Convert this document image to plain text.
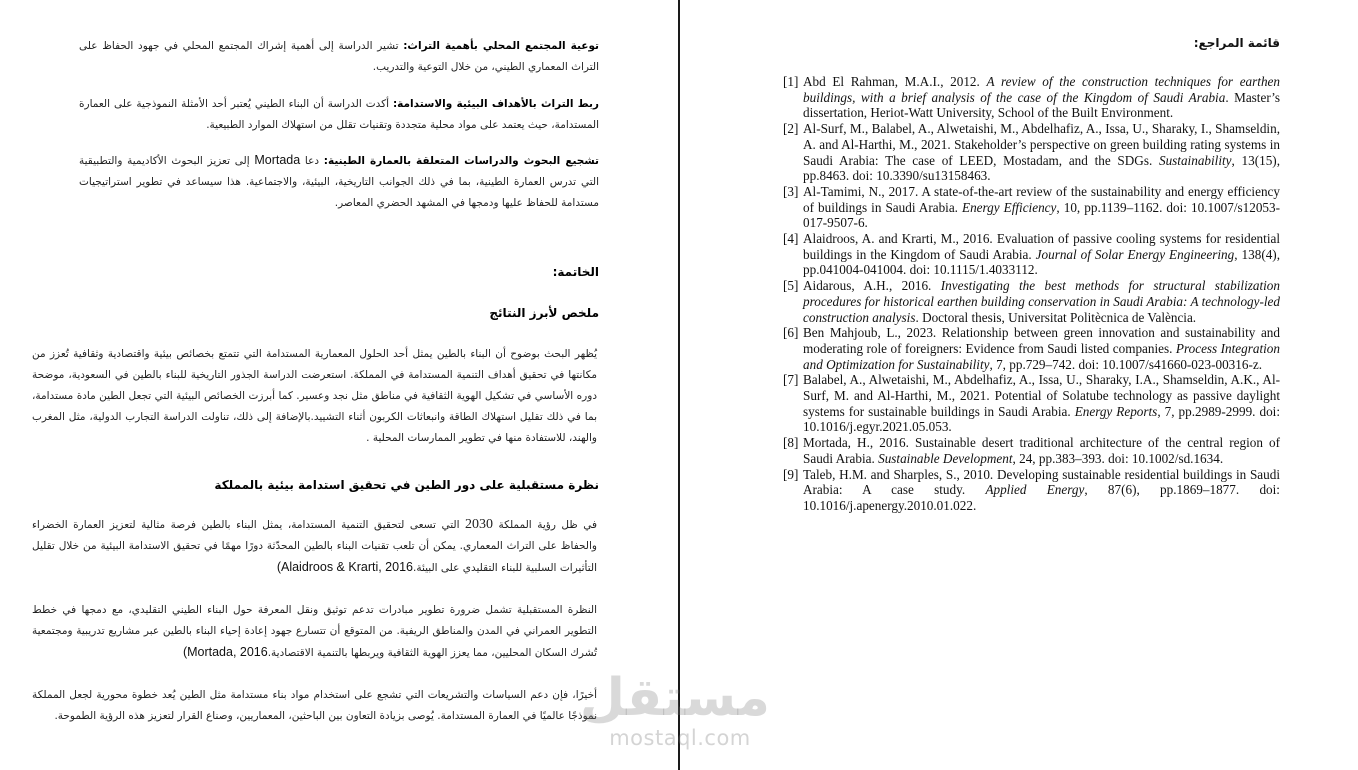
توعية المجتمع المحلي بأهمية التراث: تشير الدراسة إلى أهمية إشراك المجتمع المحلي في جهود الحفاظ على التراث المعماري الطيني، من خلال التوعية والتدريب.
ربط التراث بالأهداف البيئية والاستدامة: أكدت الدراسة أن البناء الطيني يُعتبر أحد الأمثلة النموذجية على العمارة المستدامة، حيث يعتمد على مواد محلية متجددة وتقنيات تقلل من استهلاك الموارد الطبيعية.
تشجيع البحوث والدراسات المتعلقة بالعمارة الطينية: دعا Mortada إلى تعزيز البحوث الأكاديمية والتطبيقية التي تدرس العمارة الطينية، بما في ذلك الجوانب التاريخية، البيئية، والاجتماعية. هذا سيساعد في تطوير استراتيجيات مستدامة للحفاظ عليها ودمجها في المشهد الحضري المعاصر.
الخاتمة:
ملخص لأبرز النتائج
يُظهر البحث بوضوح أن البناء بالطين يمثل أحد الحلول المعمارية المستدامة التي تتمتع بخصائص بيئية واقتصادية وثقافية تُعزز من مكانتها في تحقيق أهداف التنمية المستدامة في المملكة. استعرضت الدراسة الجذور التاريخية للبناء بالطين في السعودية، موضحة دوره الأساسي في تشكيل الهوية الثقافية في مناطق مثل نجد وعسير. كما أبرزت الخصائص البيئية التي تجعل الطين مادة مستدامة، بما في ذلك تقليل استهلاك الطاقة وانبعاثات الكربون أثناء التشييد.بالإضافة إلى ذلك، تناولت الدراسة التجارب الدولية، مثل المغرب والهند، للاستفادة منها في تطوير الممارسات المحلية .
نظرة مستقبلية على دور الطين في تحقيق استدامة بيئية بالمملكة
في ظل رؤية المملكة 2030 التي تسعى لتحقيق التنمية المستدامة، يمثل البناء بالطين فرصة مثالية لتعزيز العمارة الخضراء والحفاظ على التراث المعماري. يمكن أن تلعب تقنيات البناء بالطين المحدّثة دورًا مهمًا في تحقيق الاستدامة البيئية من خلال تقليل التأثيرات السلبية للبناء التقليدي على البيئة.(Alaidroos & Krarti, 2016
النظرة المستقبلية تشمل ضرورة تطوير مبادرات تدعم توثيق ونقل المعرفة حول البناء الطيني التقليدي، مع دمجها في خطط التطوير العمراني في المدن والمناطق الريفية. من المتوقع أن تتسارع جهود إعادة إحياء البناء بالطين عبر مشاريع تدريبية ومجتمعية تُشرك السكان المحليين، مما يعزز الهوية الثقافية ويربطها بالتنمية الاقتصادية.(Mortada, 2016
أخيرًا، فإن دعم السياسات والتشريعات التي تشجع على استخدام مواد بناء مستدامة مثل الطين يُعد خطوة محورية لجعل المملكة نموذجًا عالميًا في العمارة المستدامة. يُوصى بزيادة التعاون بين الباحثين، المعماريين، وصناع القرار لتعزيز هذه الرؤية الطموحة.
قائمة المراجع:
[1] Abd El Rahman, M.A.I., 2012. A review of the construction techniques for earthen buildings, with a brief analysis of the case of the Kingdom of Saudi Arabia. Master’s dissertation, Heriot-Watt University, School of the Built Environment.
[2] Al-Surf, M., Balabel, A., Alwetaishi, M., Abdelhafiz, A., Issa, U., Sharaky, I., Shamseldin, A. and Al-Harthi, M., 2021. Stakeholder’s perspective on green building rating systems in Saudi Arabia: The case of LEED, Mostadam, and the SDGs. Sustainability, 13(15), pp.8463. doi: 10.3390/su13158463.
[3] Al-Tamimi, N., 2017. A state-of-the-art review of the sustainability and energy efficiency of buildings in Saudi Arabia. Energy Efficiency, 10, pp.1139–1162. doi: 10.1007/s12053-017-9507-6.
[4] Alaidroos, A. and Krarti, M., 2016. Evaluation of passive cooling systems for residential buildings in the Kingdom of Saudi Arabia. Journal of Solar Energy Engineering, 138(4), pp.041004-041004. doi: 10.1115/1.4033112.
[5] Aidarous, A.H., 2016. Investigating the best methods for structural stabilization procedures for historical earthen building conservation in Saudi Arabia: A technology-led construction analysis. Doctoral thesis, Universitat Politècnica de València.
[6] Ben Mahjoub, L., 2023. Relationship between green innovation and sustainability and moderating role of foreigners: Evidence from Saudi listed companies. Process Integration and Optimization for Sustainability, 7, pp.729–742. doi: 10.1007/s41660-023-00316-z.
[7] Balabel, A., Alwetaishi, M., Abdelhafiz, A., Issa, U., Sharaky, I.A., Shamseldin, A.K., Al-Surf, M. and Al-Harthi, M., 2021. Potential of Solatube technology as passive daylight systems for sustainable buildings in Saudi Arabia. Energy Reports, 7, pp.2989-2999. doi: 10.1016/j.egyr.2021.05.053.
[8] Mortada, H., 2016. Sustainable desert traditional architecture of the central region of Saudi Arabia. Sustainable Development, 24, pp.383–393. doi: 10.1002/sd.1634.
[9] Taleb, H.M. and Sharples, S., 2010. Developing sustainable residential buildings in Saudi Arabia: A case study. Applied Energy, 87(6), pp.1869–1877. doi: 10.1016/j.apenergy.2010.01.022.
مستقل
mostaql.com
